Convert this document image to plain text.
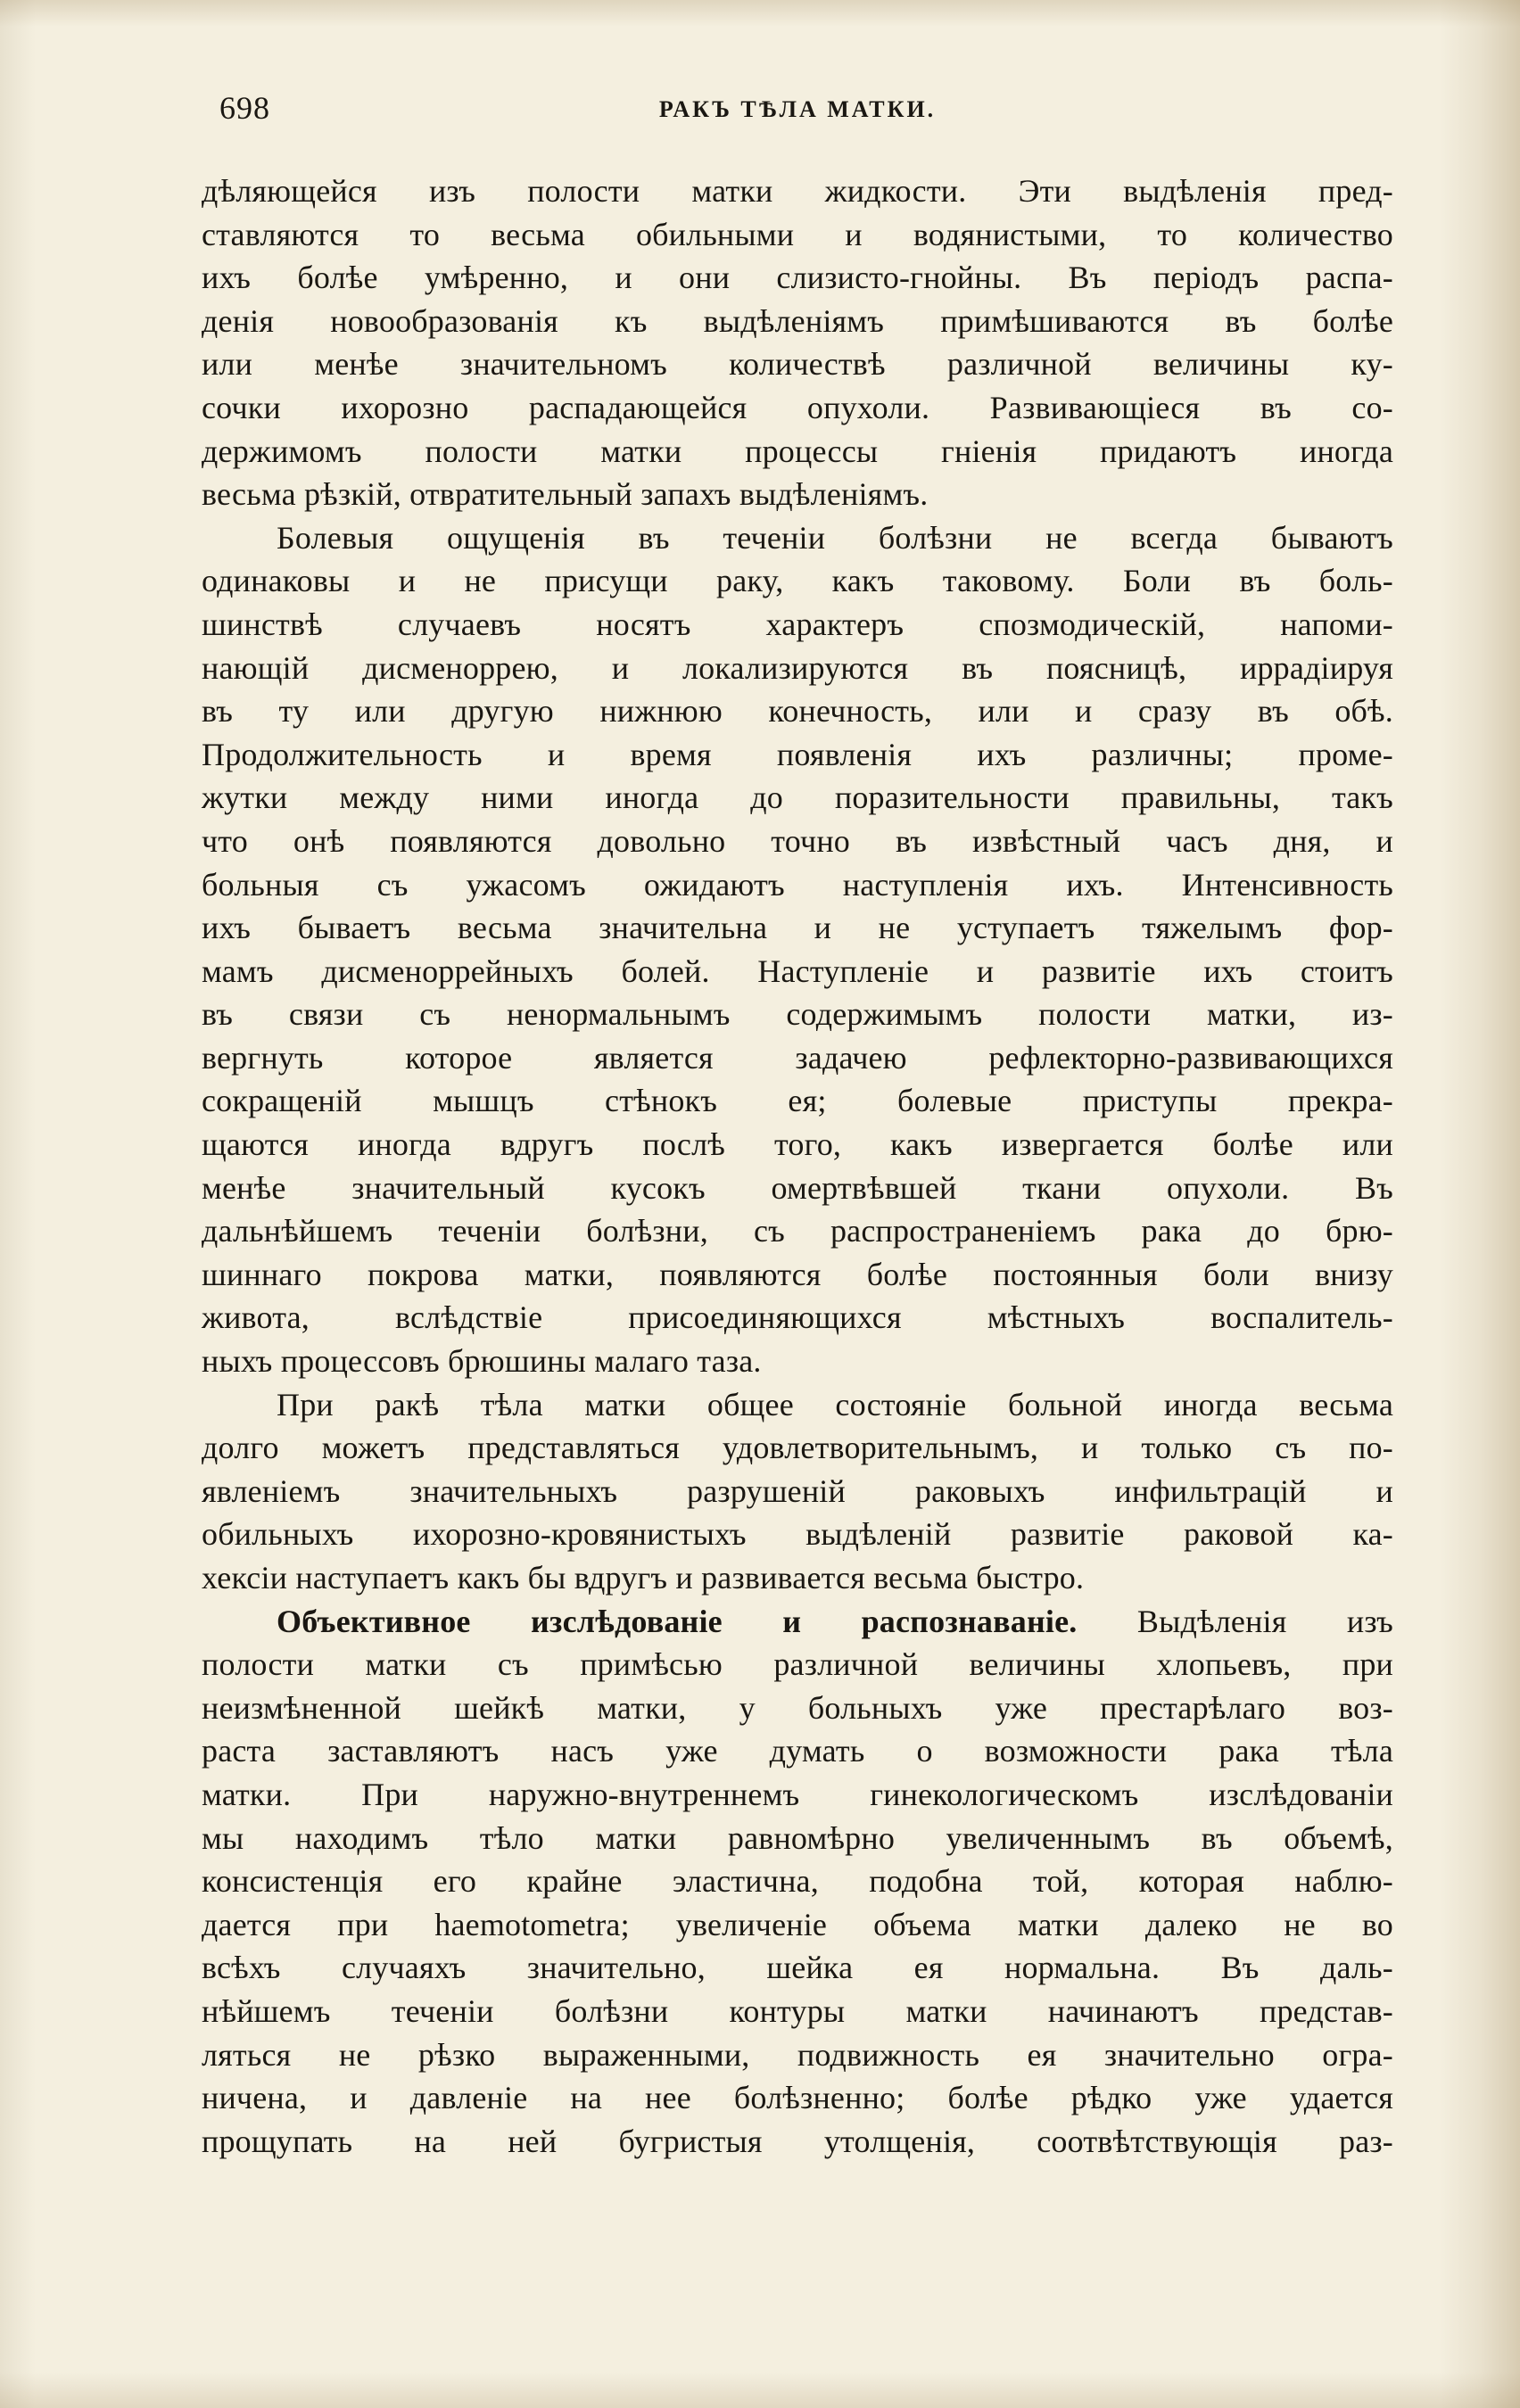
698	РАКЪ ТѢЛА МАТКИ.
дѣляющейся изъ полости матки жидкости. Эти выдѣленія пред-
ставляются то весьма обильными и водянистыми, то количество
ихъ болѣе умѣренно, и они слизисто-гнойны. Въ періодъ распа-
денія новообразованія къ выдѣленіямъ примѣшиваются въ болѣе
или менѣе значительномъ количествѣ различной величины ку-
сочки ихорозно распадающейся опухоли. Развивающіеся въ со-
держимомъ полости матки процессы гніенія придаютъ иногда
весьма рѣзкій, отвратительный запахъ выдѣленіямъ.
Болевыя ощущенія въ теченіи болѣзни не всегда бываютъ
одинаковы и не присущи раку, какъ таковому. Боли въ боль-
шинствѣ случаевъ носятъ характеръ спозмодическій, напоми-
нающій дисменоррею, и локализируются въ поясницѣ, иррадіируя
въ ту или другую нижнюю конечность, или и сразу въ обѣ.
Продолжительность и время появленія ихъ различны; проме-
жутки между ними иногда до поразительности правильны, такъ
что онѣ появляются довольно точно въ извѣстный часъ дня, и
больныя съ ужасомъ ожидаютъ наступленія ихъ. Интенсивность
ихъ бываетъ весьма значительна и не уступаетъ тяжелымъ фор-
мамъ дисменоррейныхъ болей. Наступленіе и развитіе ихъ стоитъ
въ связи съ ненормальнымъ содержимымъ полости матки, из-
вергнуть которое является задачею рефлекторно-развивающихся
сокращеній мышцъ стѣнокъ ея; болевые приступы прекра-
щаются иногда вдругъ послѣ того, какъ извергается болѣе или
менѣе значительный кусокъ омертвѣвшей ткани опухоли. Въ
дальнѣйшемъ теченіи болѣзни, съ распространеніемъ рака до брю-
шиннаго покрова матки, появляются болѣе постоянныя боли внизу
живота, вслѣдствіе присоединяющихся мѣстныхъ воспалитель-
ныхъ процессовъ брюшины малаго таза.
При ракѣ тѣла матки общее состояніе больной иногда весьма
долго можетъ представляться удовлетворительнымъ, и только съ по-
явленіемъ значительныхъ разрушеній раковыхъ инфильтрацій и
обильныхъ ихорозно-кровянистыхъ выдѣленій развитіе раковой ка-
хексіи наступаетъ какъ бы вдругъ и развивается весьма быстро.
Объективное изслѣдованіе и распознаваніе. Выдѣленія изъ
полости матки съ примѣсью различной величины хлопьевъ, при
неизмѣненной шейкѣ матки, у больныхъ уже престарѣлаго воз-
раста заставляютъ насъ уже думать о возможности рака тѣла
матки. При наружно-внутреннемъ гинекологическомъ изслѣдованіи
мы находимъ тѣло матки равномѣрно увеличеннымъ въ объемѣ,
консистенція его крайне эластична, подобна той, которая наблю-
дается при haemotometra; увеличеніе объема матки далеко не во
всѣхъ случаяхъ значительно, шейка ея нормальна. Въ даль-
нѣйшемъ теченіи болѣзни контуры матки начинаютъ представ-
ляться не рѣзко выраженными, подвижность ея значительно огра-
ничена, и давленіе на нее болѣзненно; болѣе рѣдко уже удается
прощупать на ней бугристыя утолщенія, соотвѣтствующія раз-
